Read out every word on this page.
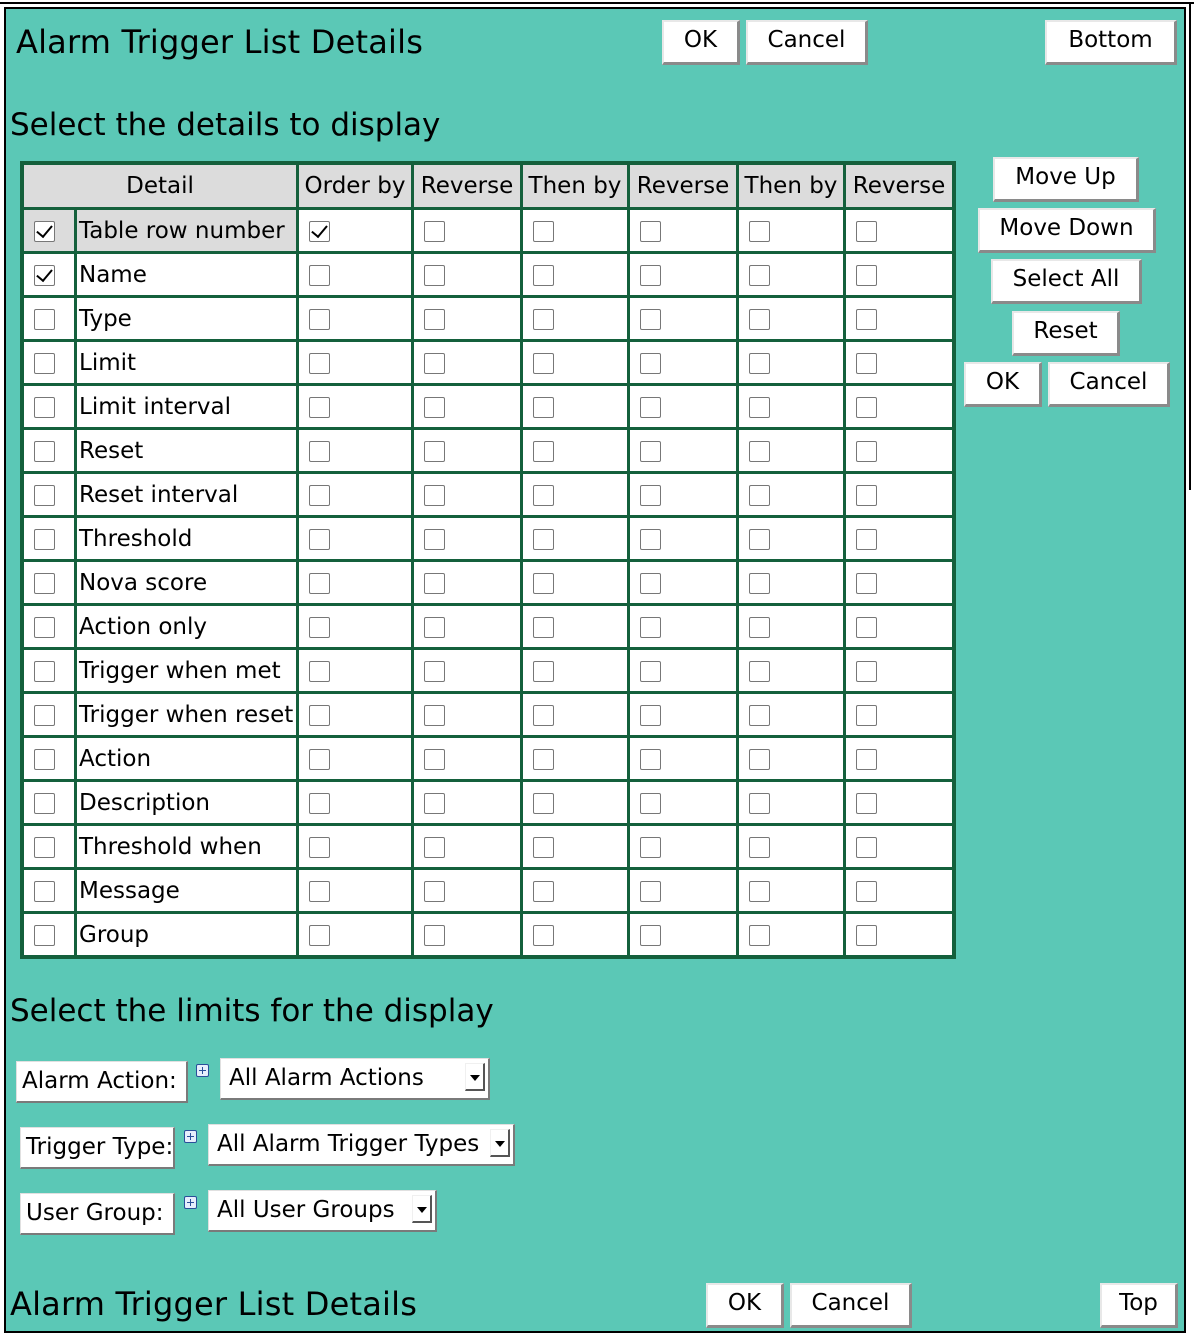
Alarm Trigger List Details	OK	Cancel	Bottom
Select the details to display
Detail		Order by	Reverse	Then by	Reverse	Then by	Reverse
	Table row number						
	Name						
	Type						
	Limit						
	Limit interval						
	Reset						
	Reset interval						
	Threshold						
	Nova score						
	Action only						
	Trigger when met						
	Trigger when reset						
	Action						
	Description						
	Threshold when						
	Message						
	Group						
Move Up
Move Down
Select All
Reset
OK	Cancel
Select the limits for the display
Alarm Action:	All Alarm Actions
Trigger Type:	All Alarm Trigger Types
User Group:	All User Groups
Alarm Trigger List Details	OK	Cancel	Top
